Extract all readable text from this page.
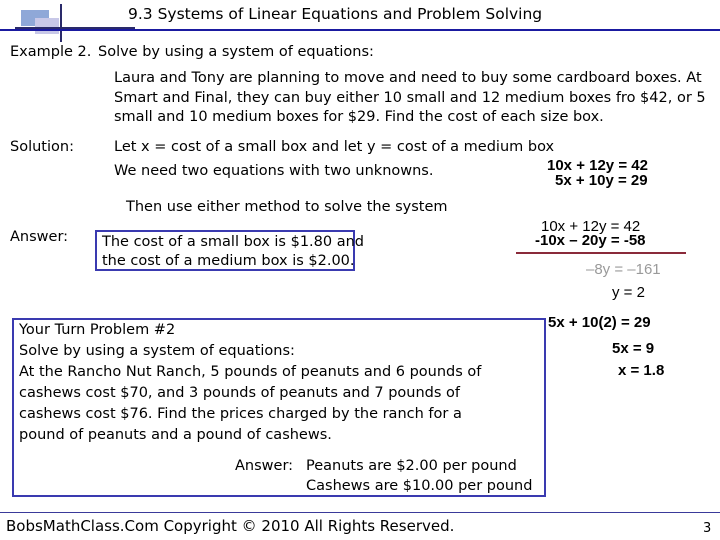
9.3 Systems of Linear Equations and Problem Solving
Example 2. Solve by using a system of equations:
Laura and Tony are planning to move and need to buy some cardboard boxes. At
Smart and Final, they can buy either 10 small and 12 medium boxes fro $42, or 5
small and 10 medium boxes for $29. Find the cost of each size box.
Solution:	Let x = cost of a small box and let y = cost of a medium box
We need two equations with two unknowns.
Then use either method to solve the system
10x + 12y = 42
5x + 10y = 29
Answer: The cost of a small box is $1.80 and
the cost of a medium box is $2.00.
10x + 12y = 42
-10x – 20y = -58
–8y = –161
y = 2
5x + 10(2) = 29
5x = 9
x = 1.8
Your Turn Problem #2
Solve by using a system of equations:
At the Rancho Nut Ranch, 5 pounds of peanuts and 6 pounds of
cashews cost $70, and 3 pounds of peanuts and 7 pounds of
cashews cost $76. Find the prices charged by the ranch for a
pound of peanuts and a pound of cashews.
Answer: Peanuts are $2.00 per pound
Cashews are $10.00 per pound
BobsMathClass.Com Copyright © 2010 All Rights Reserved.	3
